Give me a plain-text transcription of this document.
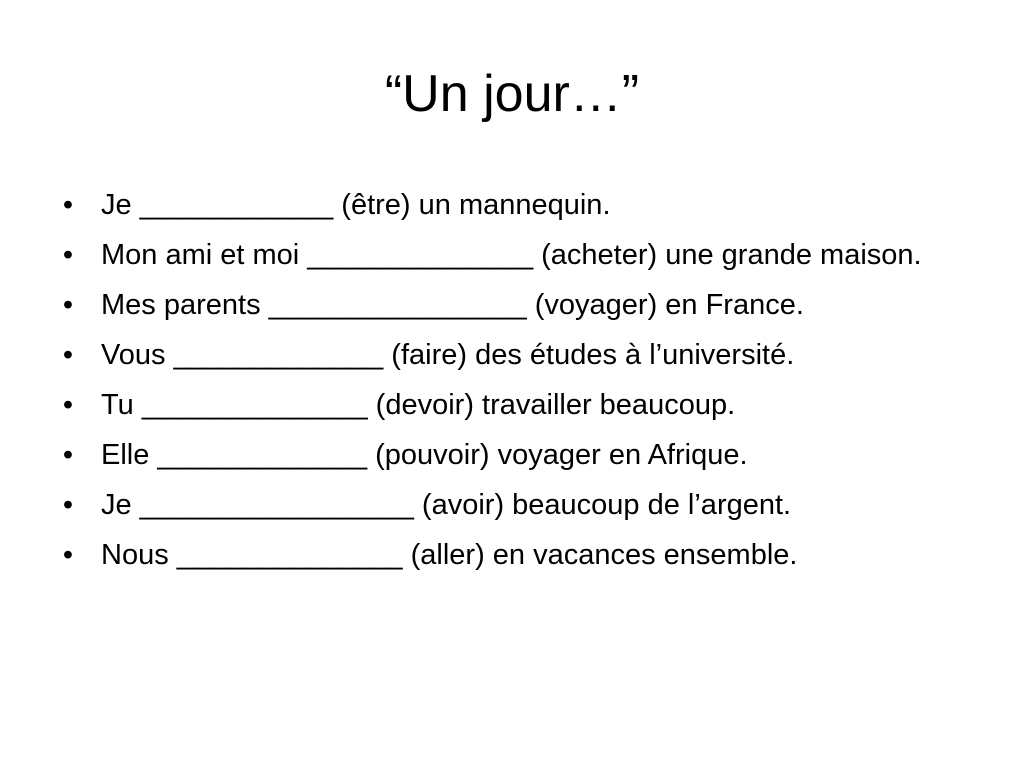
“Un jour…”
• Je ____________ (être) un mannequin.
• Mon ami et moi ______________ (acheter) une grande maison.
• Mes parents ________________ (voyager) en France.
• Vous _____________ (faire) des études à l’université.
• Tu ______________ (devoir) travailler beaucoup.
• Elle _____________ (pouvoir) voyager en Afrique.
• Je _________________ (avoir) beaucoup de l’argent.
• Nous ______________ (aller) en vacances ensemble.
